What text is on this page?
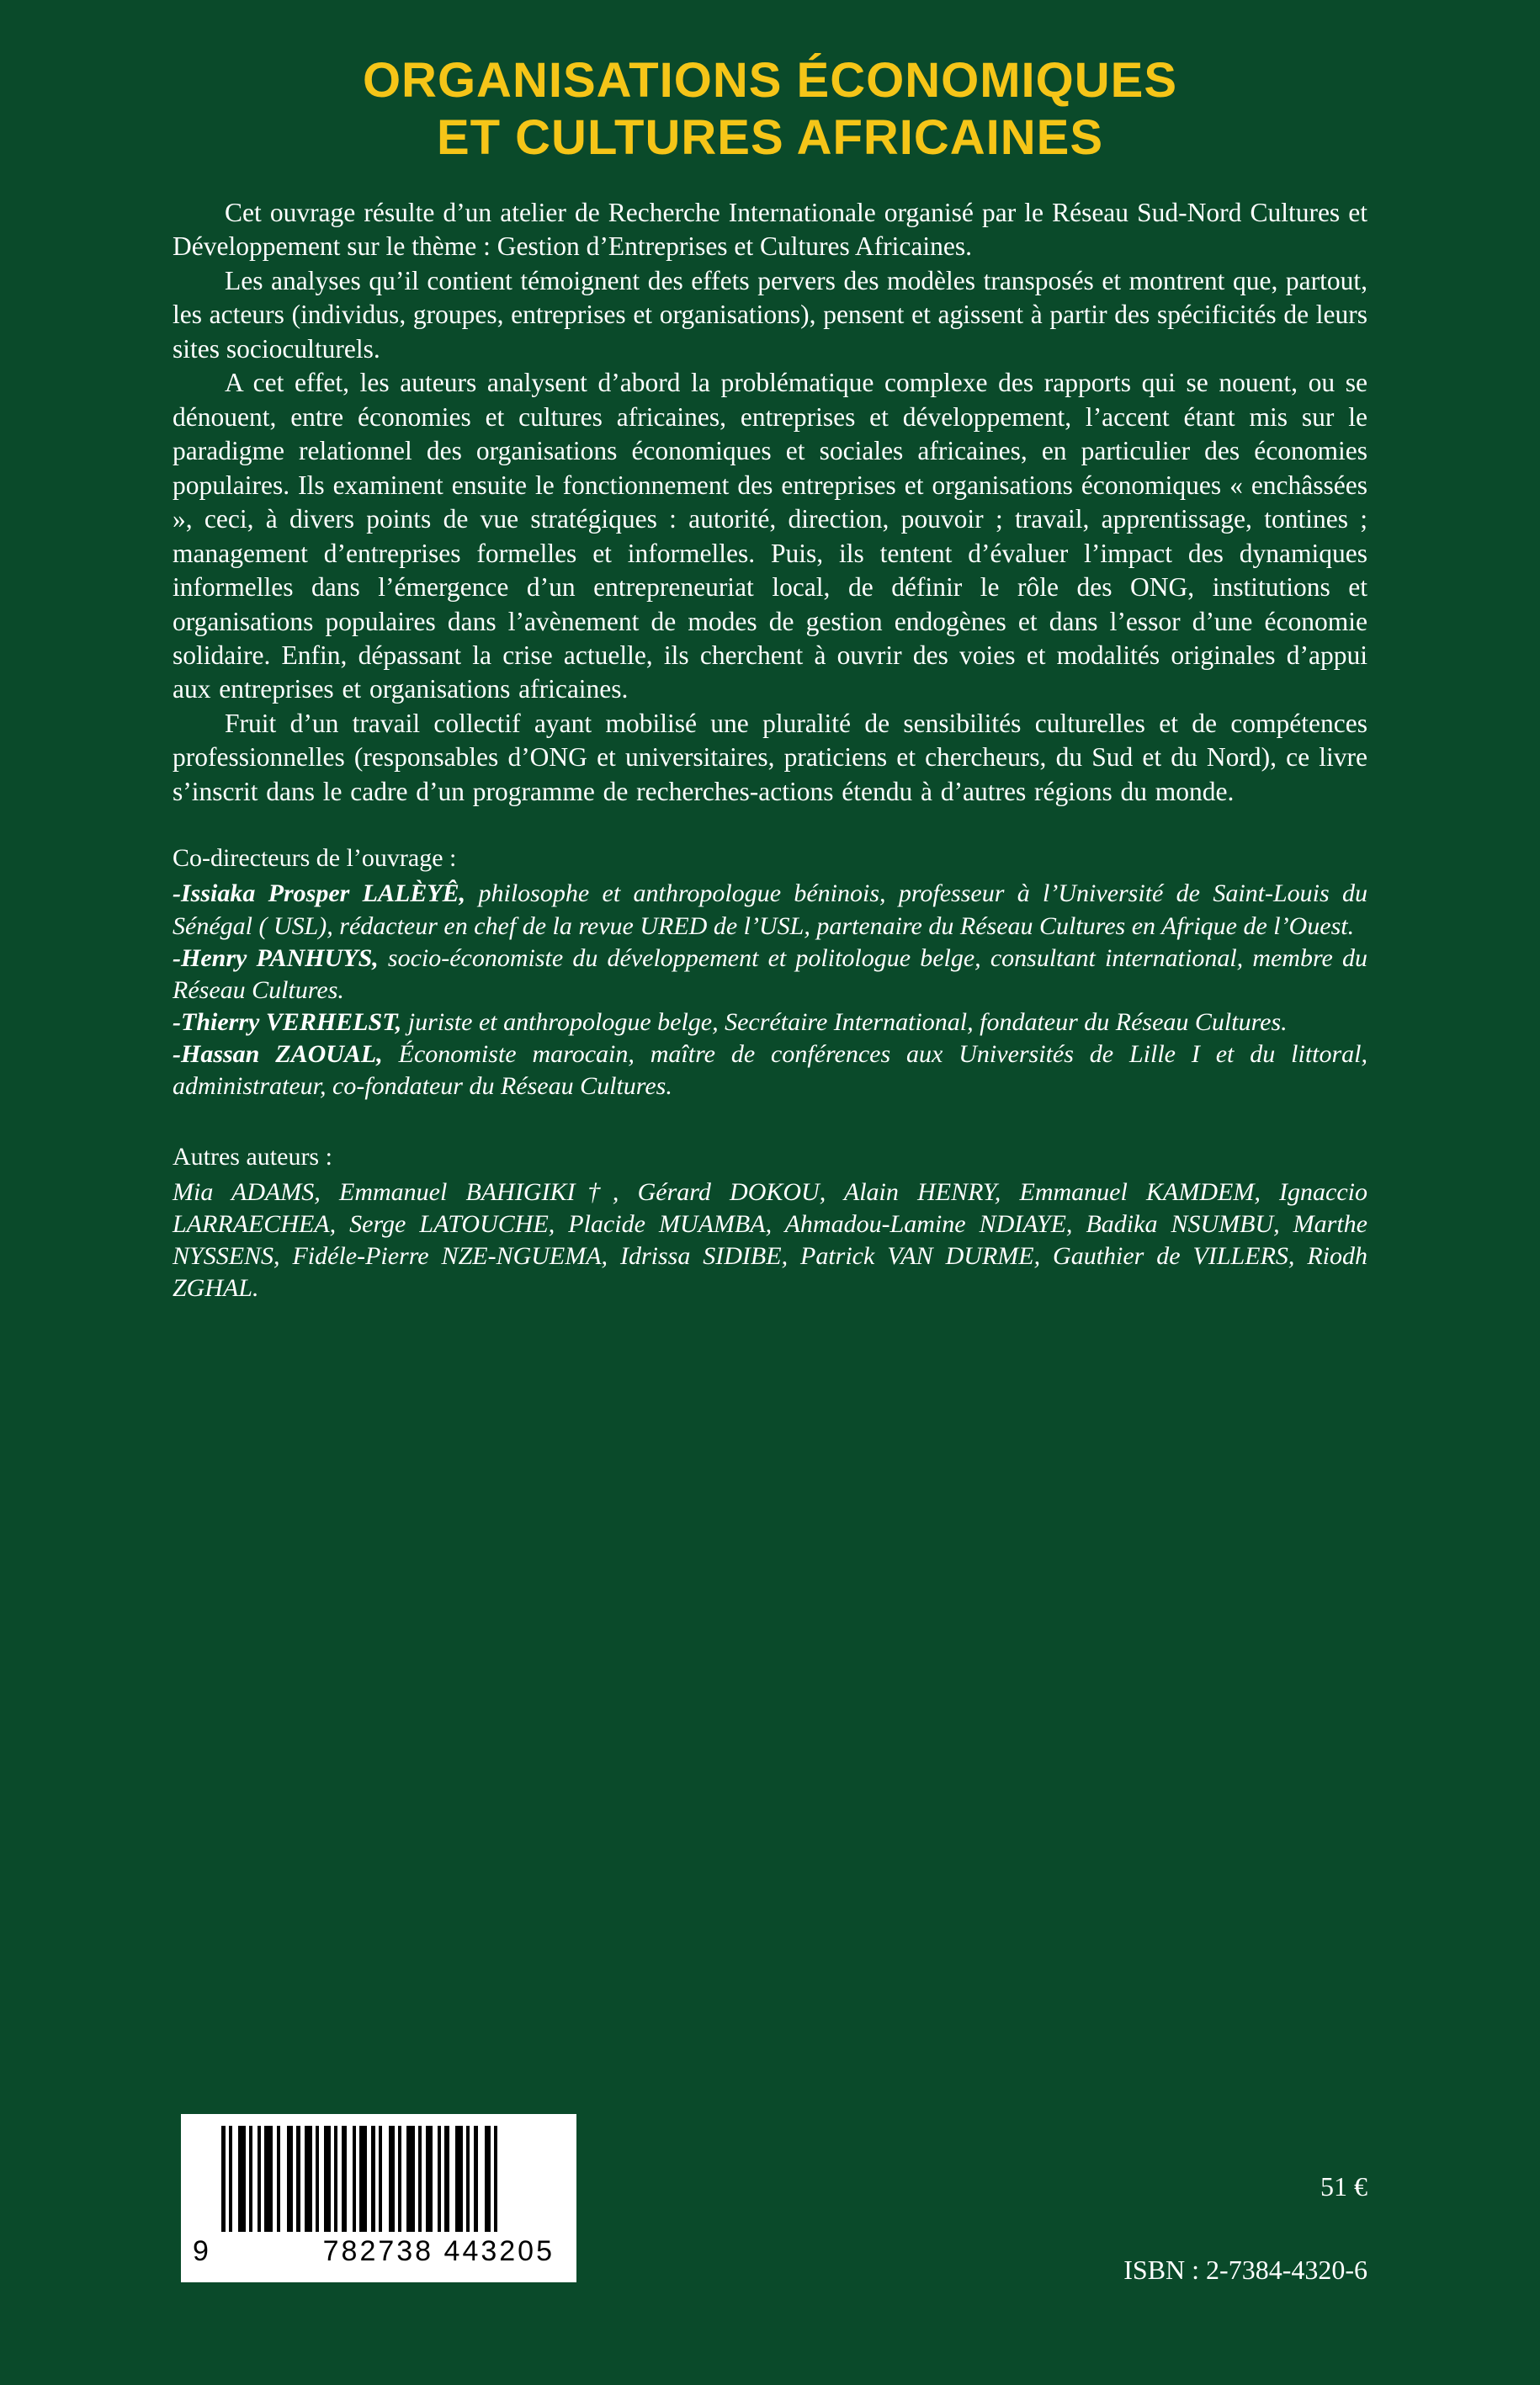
ORGANISATIONS ÉCONOMIQUES
ET CULTURES AFRICAINES

Cet ouvrage résulte d’un atelier de Recherche Internationale organisé par le Réseau Sud-Nord Cultures et Développement sur le thème : Gestion d’Entreprises et Cultures Africaines.

Les analyses qu’il contient témoignent des effets pervers des modèles transposés et montrent que, partout, les acteurs (individus, groupes, entreprises et organisations), pensent et agissent à partir des spécificités de leurs sites socioculturels.

A cet effet, les auteurs analysent d’abord la problématique complexe des rapports qui se nouent, ou se dénouent, entre économies et cultures africaines, entreprises et développement, l’accent étant mis sur le paradigme relationnel des organisations économiques et sociales africaines, en particulier des économies populaires. Ils examinent ensuite le fonctionnement des entreprises et organisations économiques « enchâssées », ceci, à divers points de vue stratégiques : autorité, direction, pouvoir ; travail, apprentissage, tontines ; management d’entreprises formelles et informelles. Puis, ils tentent d’évaluer l’impact des dynamiques informelles dans l’émergence d’un entrepreneuriat local, de définir le rôle des ONG, institutions et organisations populaires dans l’avènement de modes de gestion endogènes et dans l’essor d’une économie solidaire. Enfin, dépassant la crise actuelle, ils cherchent à ouvrir des voies et modalités originales d’appui aux entreprises et organisations africaines.

Fruit d’un travail collectif ayant mobilisé une pluralité de sensibilités culturelles et de compétences professionnelles (responsables d’ONG et universitaires, praticiens et chercheurs, du Sud et du Nord), ce livre s’inscrit dans le cadre d’un programme de recherches-actions étendu à d’autres régions du monde.

Co-directeurs de l’ouvrage :

-Issiaka Prosper LALÈYÊ, philosophe et anthropologue béninois, professeur à l’Université de Saint-Louis du Sénégal ( USL), rédacteur en chef de la revue URED de l’USL, partenaire du Réseau Cultures en Afrique de l’Ouest.

-Henry PANHUYS, socio-économiste du développement et politologue belge, consultant international, membre du Réseau Cultures.

-Thierry VERHELST, juriste et anthropologue belge, Secrétaire International, fondateur du Réseau Cultures.

-Hassan ZAOUAL, Économiste marocain, maître de conférences aux Universités de Lille I et du littoral, administrateur, co-fondateur du Réseau Cultures.

Autres auteurs :

Mia ADAMS, Emmanuel BAHIGIKI†, Gérard DOKOU, Alain HENRY, Emmanuel KAMDEM, Ignaccio LARRAECHEA, Serge LATOUCHE, Placide MUAMBA, Ahmadou-Lamine NDIAYE, Badika NSUMBU, Marthe NYSSENS, Fidéle-Pierre NZE-NGUEMA, Idrissa SIDIBE, Patrick VAN DURME, Gauthier de VILLERS, Riodh ZGHAL.

9	782738 443205
51 €
ISBN : 2-7384-4320-6
